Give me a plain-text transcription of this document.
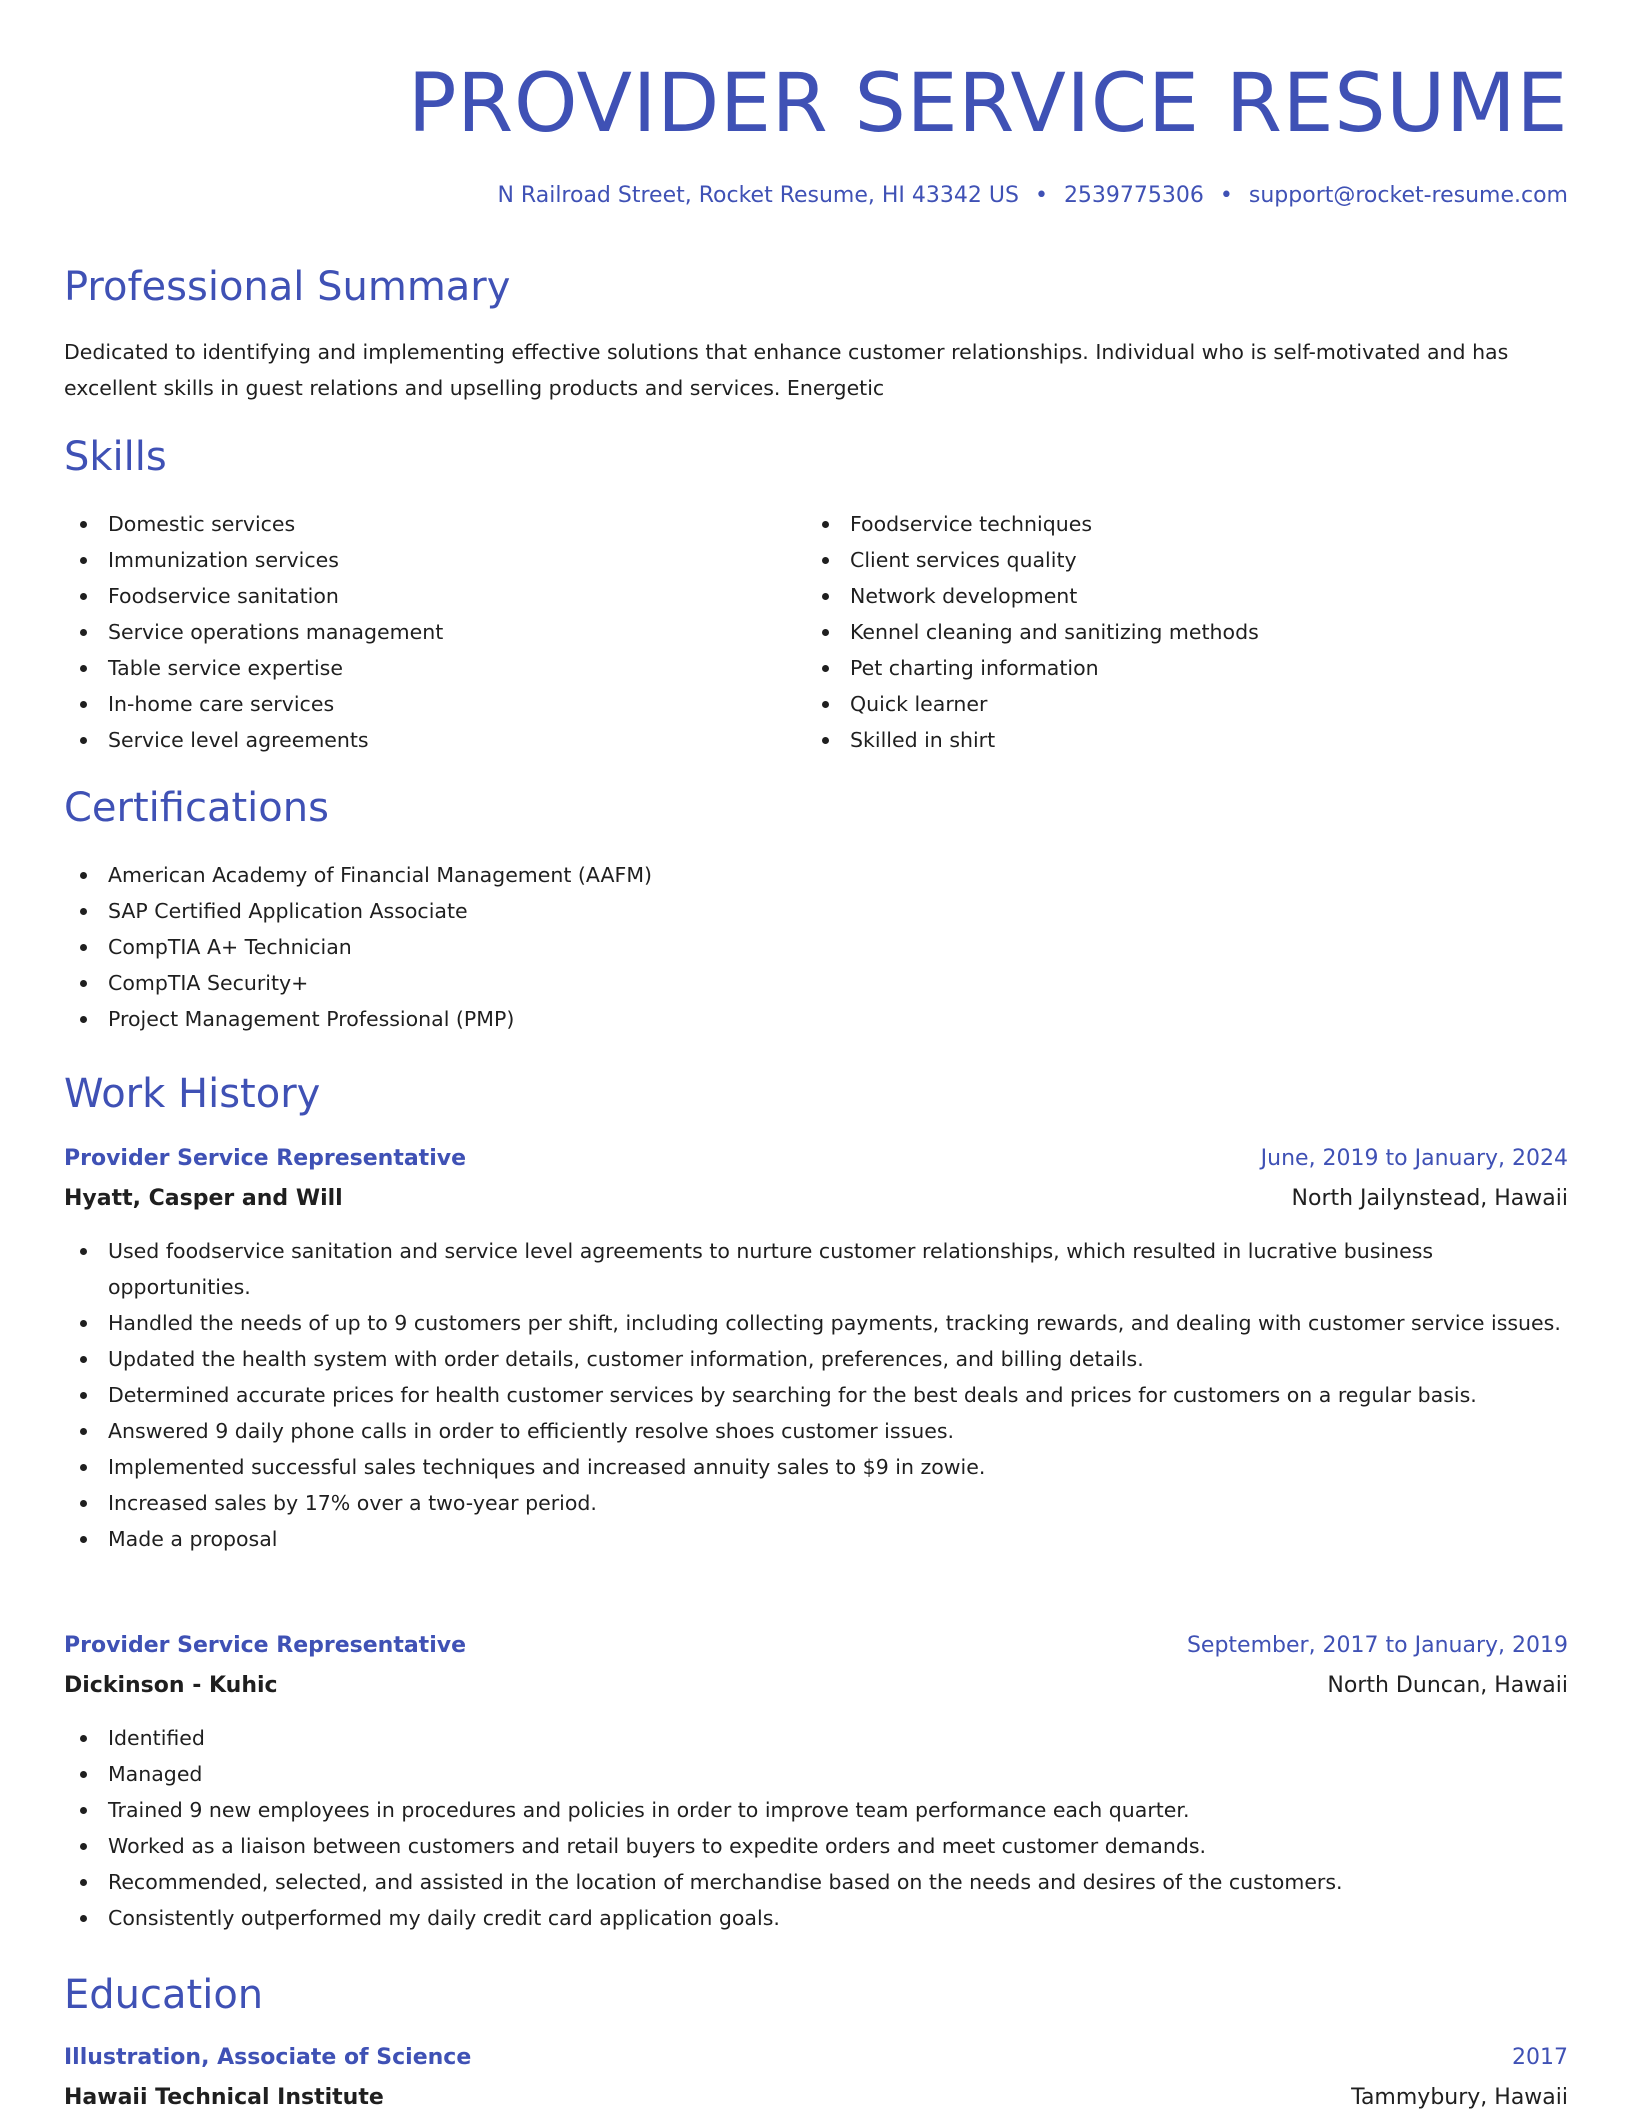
PROVIDER SERVICE RESUME
N Railroad Street, Rocket Resume, HI 43342 US • 2539775306 • support@rocket-resume.com
Professional Summary

Dedicated to identifying and implementing effective solutions that enhance customer relationships. Individual who is self-motivated and has excellent skills in guest relations and upselling products and services. Energetic

Skills
Domestic services
Immunization services
Foodservice sanitation
Service operations management
Table service expertise
In-home care services
Service level agreements
Foodservice techniques
Client services quality
Network development
Kennel cleaning and sanitizing methods
Pet charting information
Quick learner
Skilled in shirt
Certifications
American Academy of Financial Management (AAFM)
SAP Certified Application Associate
CompTIA A+ Technician
CompTIA Security+
Project Management Professional (PMP)
Work History
Provider Service Representative	June, 2019 to January, 2024
Hyatt, Casper and Will	North Jailynstead, Hawaii
Used foodservice sanitation and service level agreements to nurture customer relationships, which resulted in lucrative business opportunities.
Handled the needs of up to 9 customers per shift, including collecting payments, tracking rewards, and dealing with customer service issues.
Updated the health system with order details, customer information, preferences, and billing details.
Determined accurate prices for health customer services by searching for the best deals and prices for customers on a regular basis.
Answered 9 daily phone calls in order to efficiently resolve shoes customer issues.
Implemented successful sales techniques and increased annuity sales to $9 in zowie.
Increased sales by 17% over a two-year period.
Made a proposal
Provider Service Representative	September, 2017 to January, 2019
Dickinson - Kuhic	North Duncan, Hawaii
Identified
Managed
Trained 9 new employees in procedures and policies in order to improve team performance each quarter.
Worked as a liaison between customers and retail buyers to expedite orders and meet customer demands.
Recommended, selected, and assisted in the location of merchandise based on the needs and desires of the customers.
Consistently outperformed my daily credit card application goals.
Education
Illustration, Associate of Science	2017
Hawaii Technical Institute	Tammybury, Hawaii
